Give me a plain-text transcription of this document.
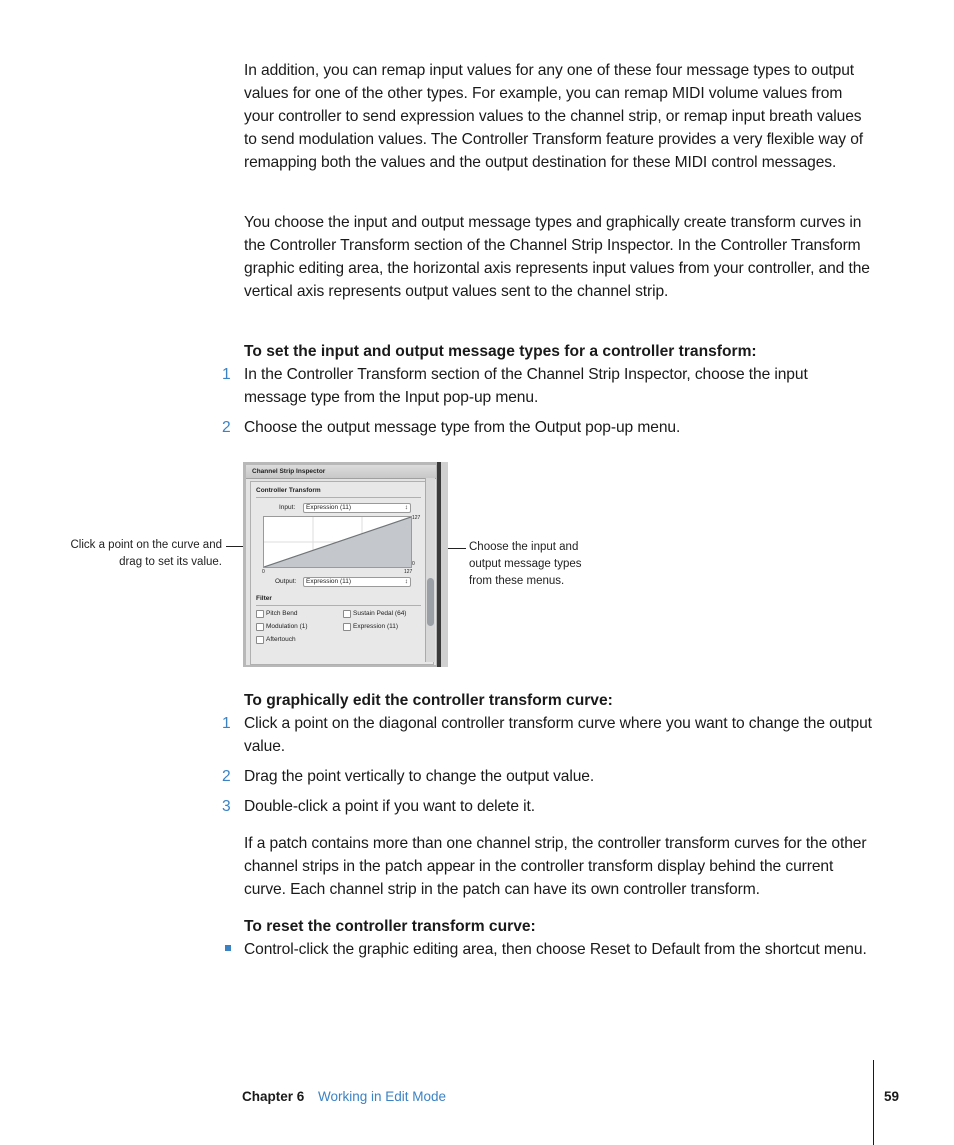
In addition, you can remap input values for any one of these four message types to output values for one of the other types. For example, you can remap MIDI volume values from your controller to send expression values to the channel strip, or remap input breath values to send modulation values. The Controller Transform feature provides a very flexible way of remapping both the values and the output destination for these MIDI control messages.

You choose the input and output message types and graphically create transform curves in the Controller Transform section of the Channel Strip Inspector. In the Controller Transform graphic editing area, the horizontal axis represents input values from your controller, and the vertical axis represents output values sent to the channel strip.

To set the input and output message types for a controller transform:

1 In the Controller Transform section of the Channel Strip Inspector, choose the input message type from the Input pop-up menu.

2 Choose the output message type from the Output pop-up menu.

Click a point on the curve and drag to set its value.
Choose the input and output message types from these menus.
Channel Strip Inspector
Controller Transform
Input: Expression (11)	↕
127
0
0	127
Output: Expression (11)	↕
Filter
Pitch Bend	Sustain Pedal (64)
Modulation (1)	Expression (11)
Aftertouch

To graphically edit the controller transform curve:

1 Click a point on the diagonal controller transform curve where you want to change the output value.

2 Drag the point vertically to change the output value.

3 Double-click a point if you want to delete it.

If a patch contains more than one channel strip, the controller transform curves for the other channel strips in the patch appear in the controller transform display behind the current curve. Each channel strip in the patch can have its own controller transform.

To reset the controller transform curve:

Control-click the graphic editing area, then choose Reset to Default from the shortcut menu.

Chapter 6 Working in Edit Mode	59
